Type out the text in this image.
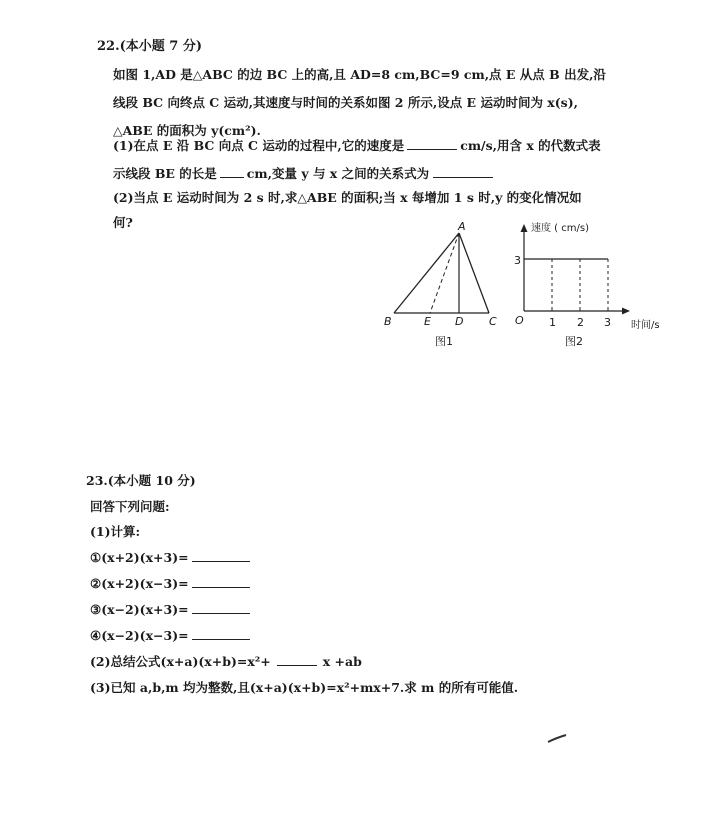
22.(本小题 7 分)
如图 1,AD 是△ABC 的边 BC 上的高,且 AD=8 cm,BC=9 cm,点 E 从点 B 出发,沿
线段 BC 向终点 C 运动,其速度与时间的关系如图 2 所示,设点 E 运动时间为 x(s),
△ABE 的面积为 y(cm²).
(1)在点 E 沿 BC 向点 C 运动的过程中,它的速度是	cm/s,用含 x 的代数式表
示线段 BE 的长是 cm,变量 y 与 x 之间的关系式为
(2)当点 E 运动时间为 2 s 时,求△ABE 的面积;当 x 每增加 1 s 时,y 的变化情况如
何?	A
B	E D C
图1
速度 ( cm/s)
时间/s
O
3
1 2 3
图2
23.(本小题 10 分)
回答下列问题:
(1)计算:
①(x+2)(x+3)=
②(x+2)(x−3)=
③(x−2)(x+3)=
④(x−2)(x−3)=
(2)总结公式(x+a)(x+b)=x²+	x +ab
(3)已知 a,b,m 均为整数,且(x+a)(x+b)=x²+mx+7.求 m 的所有可能值.
